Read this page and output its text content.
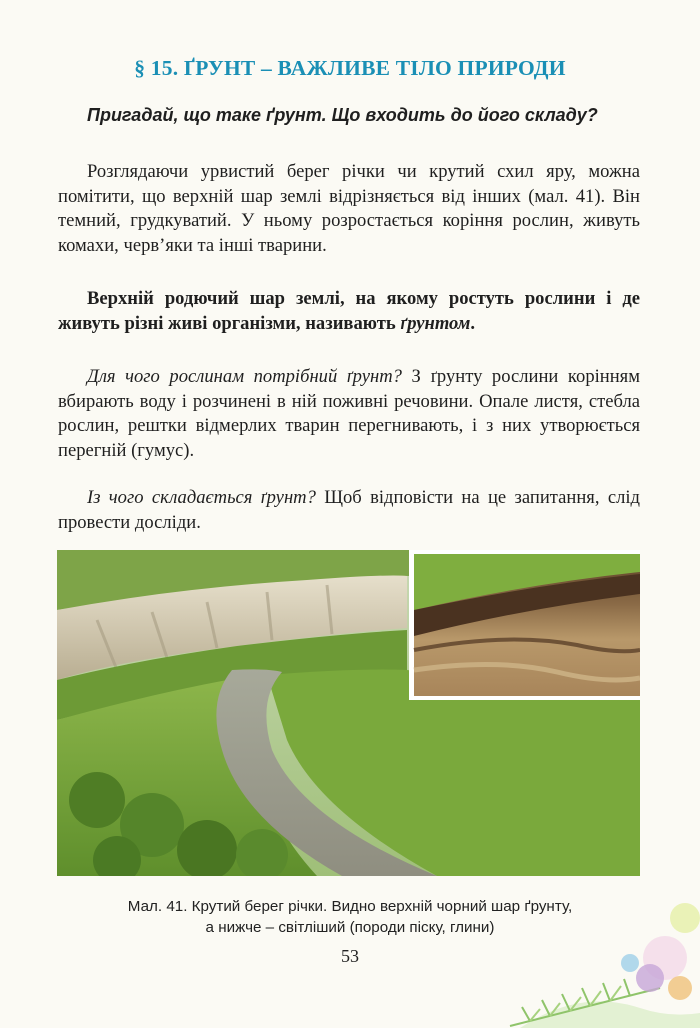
§ 15. ҐРУНТ – ВАЖЛИВЕ ТІЛО ПРИРОДИ

Пригадай, що таке ґрунт. Що входить до його складу?

Розглядаючи урвистий берег річки чи крутий схил яру, можна помітити, що верхній шар землі відрізняється від інших (мал. 41). Він темний, грудкуватий. У ньому розростається коріння рослин, живуть комахи, черв’яки та інші тварини.

Верхній родючий шар землі, на якому ростуть рослини і де живуть різні живі організми, називають ґрунтом.

Для чого рослинам потрібний ґрунт? З ґрунту рослини корінням вбирають воду і розчинені в ній поживні речовини. Опале листя, стебла рослин, рештки відмерлих тварин перегнивають, і з них утворюється перегній (гумус).

Із чого складається ґрунт? Щоб відповісти на це запитання, слід провести досліди.

Мал. 41. Крутий берег річки. Видно верхній чорний шар ґрунту,
а нижче – світліший (породи піску, глини)

53
